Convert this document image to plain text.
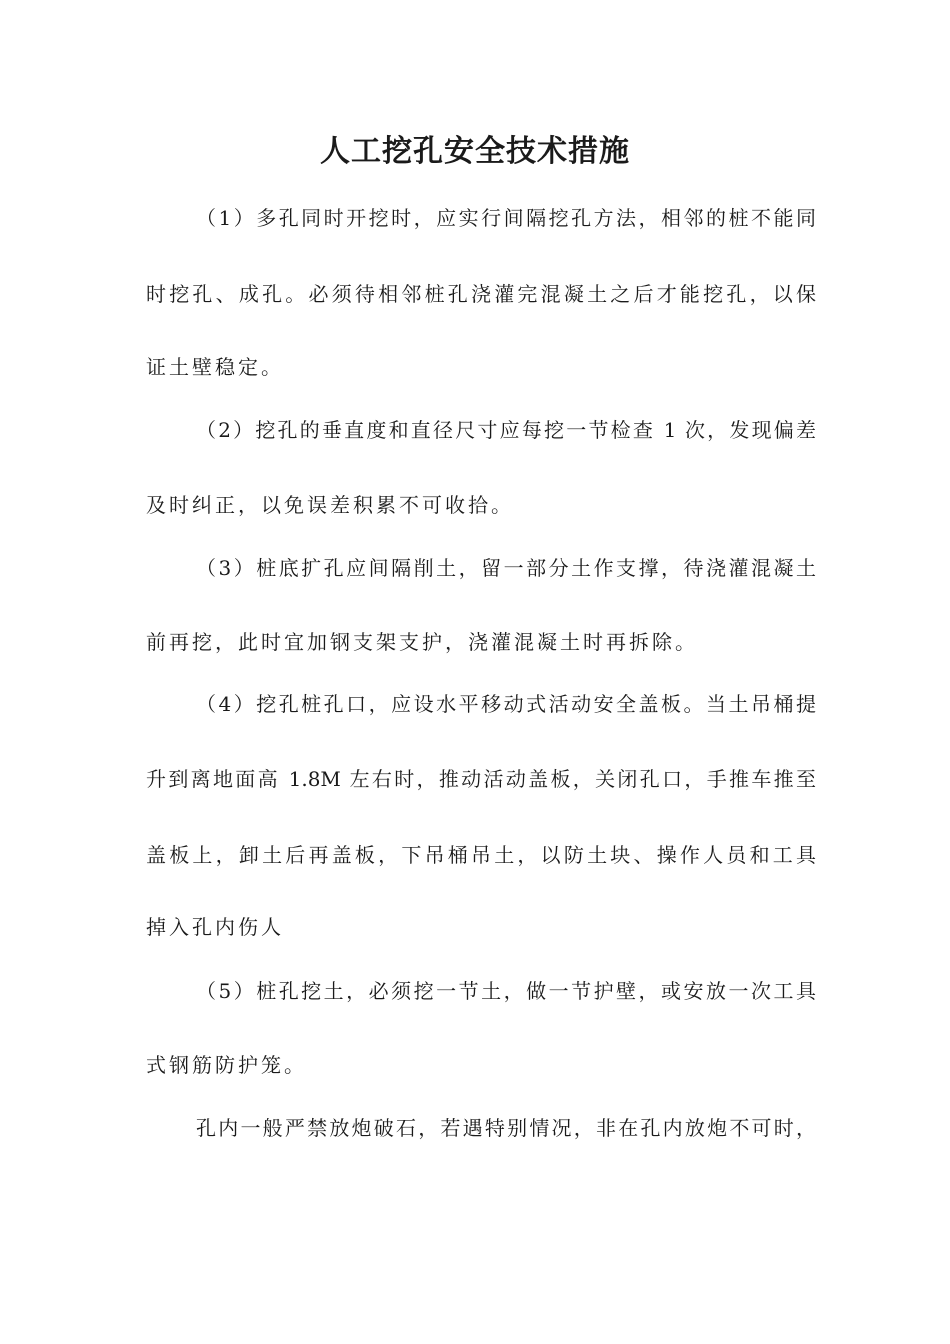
人工挖孔安全技术措施

（1）多孔同时开挖时，应实行间隔挖孔方法，相邻的桩不能同

时挖孔、成孔。必须待相邻桩孔浇灌完混凝土之后才能挖孔，以保

证土壁稳定。

（2）挖孔的垂直度和直径尺寸应每挖一节检查 1 次，发现偏差

及时纠正，以免误差积累不可收拾。

（3）桩底扩孔应间隔削土，留一部分土作支撑，待浇灌混凝土

前再挖，此时宜加钢支架支护，浇灌混凝土时再拆除。

（4）挖孔桩孔口，应设水平移动式活动安全盖板。当土吊桶提

升到离地面高 1.8M 左右时，推动活动盖板，关闭孔口，手推车推至

盖板上，卸土后再盖板，下吊桶吊土，以防土块、操作人员和工具

掉入孔内伤人

（5）桩孔挖土，必须挖一节土，做一节护壁，或安放一次工具

式钢筋防护笼。

孔内一般严禁放炮破石，若遇特别情况，非在孔内放炮不可时，
